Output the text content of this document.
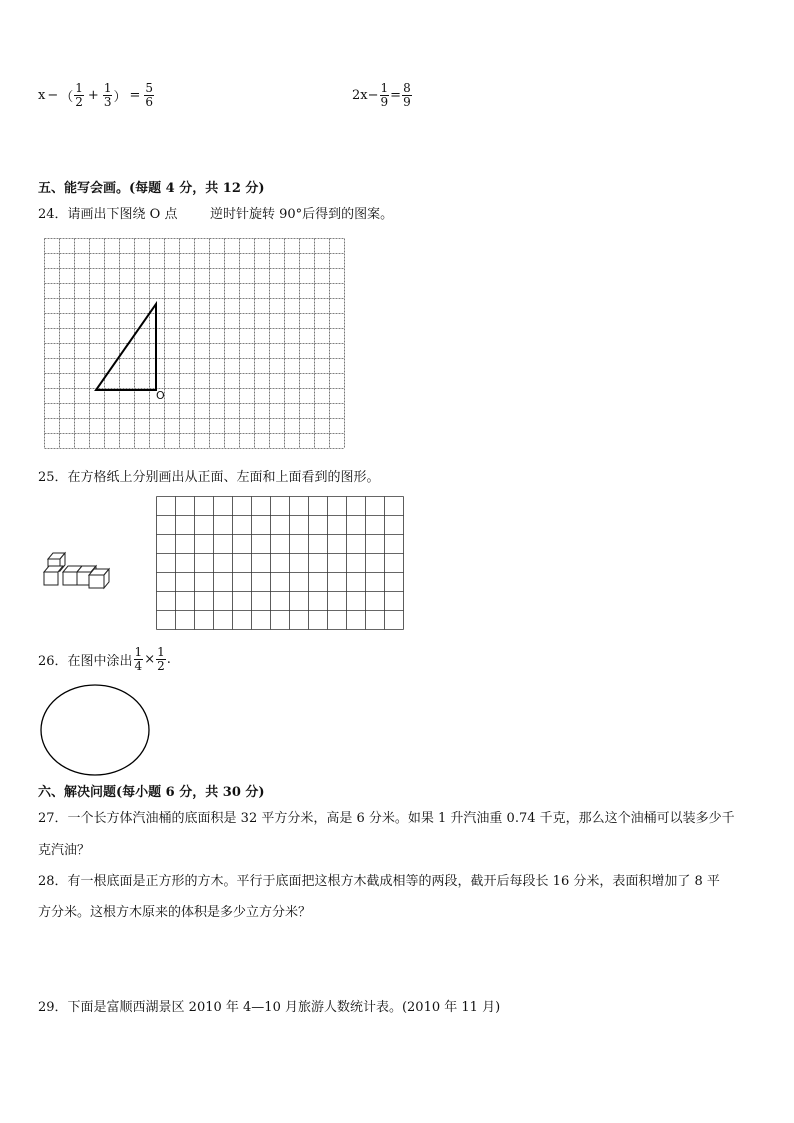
x − （ $\frac{1}{2} + \frac{1}{3}$ ） = $\frac{5}{6}$	$2x - \frac{1}{9} = \frac{8}{9}$
五、能写会画。(每题 4 分，共 12 分)
24．请画出下图绕 O 点	逆时针旋转 90°后得到的图案。
O
25．在方格纸上分别画出从正面、左面和上面看到的图形。
26．在图中涂出 $\frac{1}{4} \times \frac{1}{2}$ .
六、解决问题(每小题 6 分，共 30 分)
27．一个长方体汽油桶的底面积是 32 平方分米，高是 6 分米。如果 1 升汽油重 0.74 千克，那么这个油桶可以装多少千
克汽油？
28．有一根底面是正方形的方木。平行于底面把这根方木截成相等的两段，截开后每段长 16 分米，表面积增加了 8 平
方分米。这根方木原来的体积是多少立方分米？
29．下面是富顺西湖景区 2010 年 4—10 月旅游人数统计表。(2010 年 11 月)
